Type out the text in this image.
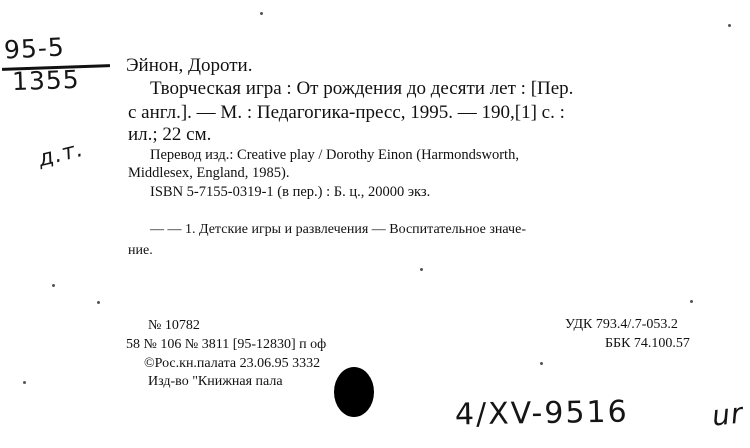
95-5
1355
д.т.
Эйнон, Дороти.
Творческая игра : От рождения до десяти лет : [Пер.
с англ.]. — М. : Педагогика-пресс, 1995. — 190,[1] с. :
ил.; 22 см.
Перевод изд.: Creative play / Dorothy Einon (Harmondsworth,
Middlesex, England, 1985).
ISBN 5-7155-0319-1 (в пер.) : Б. ц., 20000 экз.
— — 1. Детские игры и развлечения — Воспитательное значе-
ние.
№ 10782
58 № 106 № 3811 [95-12830] п оф
©Рос.кн.палата 23.06.95 3332
Изд-во "Книжная пала
УДК 793.4/.7-053.2
ББК 74.100.57
4/XV-9516	ur
